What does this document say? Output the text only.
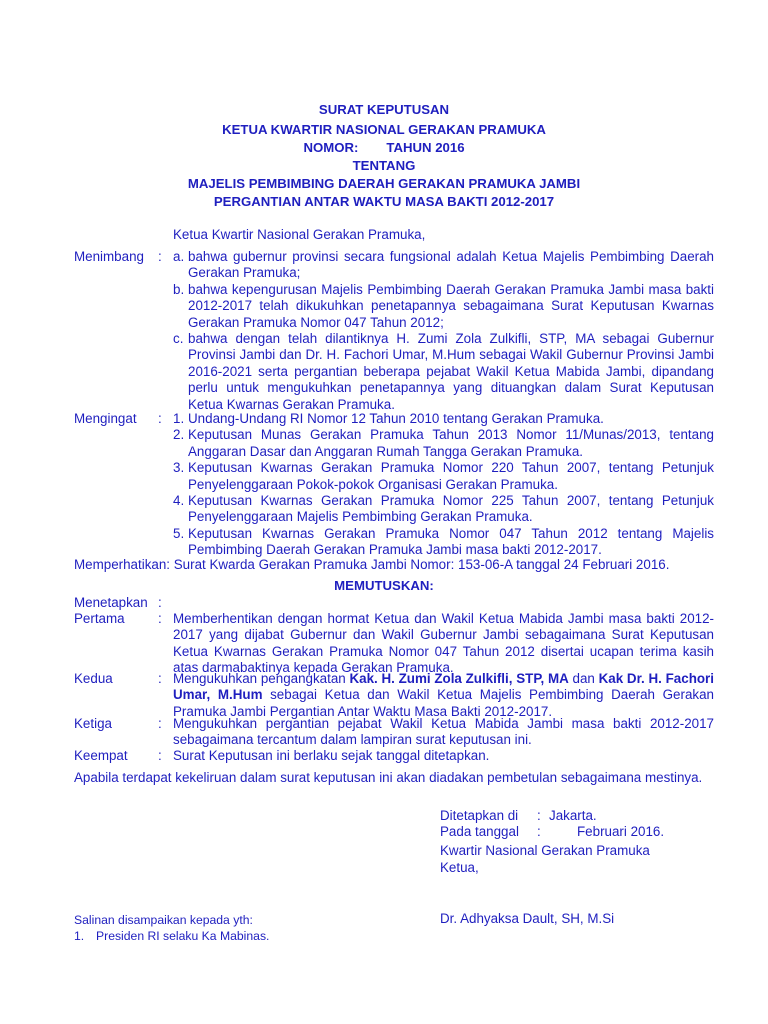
SURAT KEPUTUSAN
KETUA KWARTIR NASIONAL GERAKAN PRAMUKA
NOMOR: TAHUN 2016
TENTANG
MAJELIS PEMBIMBING DAERAH GERAKAN PRAMUKA JAMBI
PERGANTIAN ANTAR WAKTU MASA BAKTI 2012-2017
Ketua Kwartir Nasional Gerakan Pramuka,
Menimbang : a. bahwa gubernur provinsi secara fungsional adalah Ketua Majelis Pembimbing Daerah Gerakan Pramuka;
b. bahwa kepengurusan Majelis Pembimbing Daerah Gerakan Pramuka Jambi masa bakti 2012-2017 telah dikukuhkan penetapannya sebagaimana Surat Keputusan Kwarnas Gerakan Pramuka Nomor 047 Tahun 2012;
c. bahwa dengan telah dilantiknya H. Zumi Zola Zulkifli, STP, MA sebagai Gubernur Provinsi Jambi dan Dr. H. Fachori Umar, M.Hum sebagai Wakil Gubernur Provinsi Jambi 2016-2021 serta pergantian beberapa pejabat Wakil Ketua Mabida Jambi, dipandang perlu untuk mengukuhkan penetapannya yang dituangkan dalam Surat Keputusan Ketua Kwarnas Gerakan Pramuka.
Mengingat : 1. Undang-Undang RI Nomor 12 Tahun 2010 tentang Gerakan Pramuka.
2. Keputusan Munas Gerakan Pramuka Tahun 2013 Nomor 11/Munas/2013, tentang Anggaran Dasar dan Anggaran Rumah Tangga Gerakan Pramuka.
3. Keputusan Kwarnas Gerakan Pramuka Nomor 220 Tahun 2007, tentang Petunjuk Penyelenggaraan Pokok-pokok Organisasi Gerakan Pramuka.
4. Keputusan Kwarnas Gerakan Pramuka Nomor 225 Tahun 2007, tentang Petunjuk Penyelenggaraan Majelis Pembimbing Gerakan Pramuka.
5. Keputusan Kwarnas Gerakan Pramuka Nomor 047 Tahun 2012 tentang Majelis Pembimbing Daerah Gerakan Pramuka Jambi masa bakti 2012-2017.
Memperhatikan: Surat Kwarda Gerakan Pramuka Jambi Nomor: 153-06-A tanggal 24 Februari 2016.
MEMUTUSKAN:
Menetapkan :
Pertama : Memberhentikan dengan hormat Ketua dan Wakil Ketua Mabida Jambi masa bakti 2012-2017 yang dijabat Gubernur dan Wakil Gubernur Jambi sebagaimana Surat Keputusan Ketua Kwarnas Gerakan Pramuka Nomor 047 Tahun 2012 disertai ucapan terima kasih atas darmabaktinya kepada Gerakan Pramuka.
Kedua	: Mengukuhkan pengangkatan Kak. H. Zumi Zola Zulkifli, STP, MA dan Kak Dr. H. Fachori Umar, M.Hum sebagai Ketua dan Wakil Ketua Majelis Pembimbing Daerah Gerakan Pramuka Jambi Pergantian Antar Waktu Masa Bakti 2012-2017.
Ketiga	: Mengukuhkan pergantian pejabat Wakil Ketua Mabida Jambi masa bakti 2012-2017 sebagaimana tercantum dalam lampiran surat keputusan ini.
Keempat : Surat Keputusan ini berlaku sejak tanggal ditetapkan.
Apabila terdapat kekeliruan dalam surat keputusan ini akan diadakan pembetulan sebagaimana mestinya.
Ditetapkan di : Jakarta.
Pada tanggal :	Februari 2016.
Kwartir Nasional Gerakan Pramuka
Ketua,
Dr. Adhyaksa Dault, SH, M.Si
Salinan disampaikan kepada yth:
1. Presiden RI selaku Ka Mabinas.
